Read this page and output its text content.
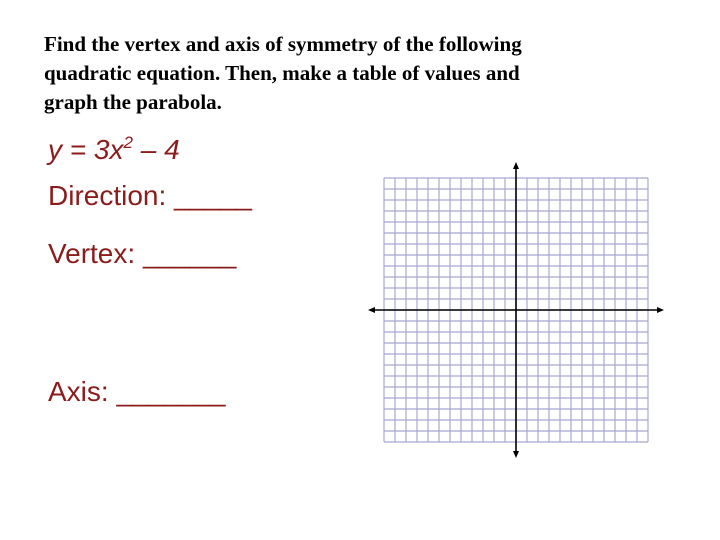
Find the vertex and axis of symmetry of the following
quadratic equation. Then, make a table of values and
graph the parabola.
$y = 3x^2 - 4$
Direction: _____
Vertex: ______
Axis: _______
